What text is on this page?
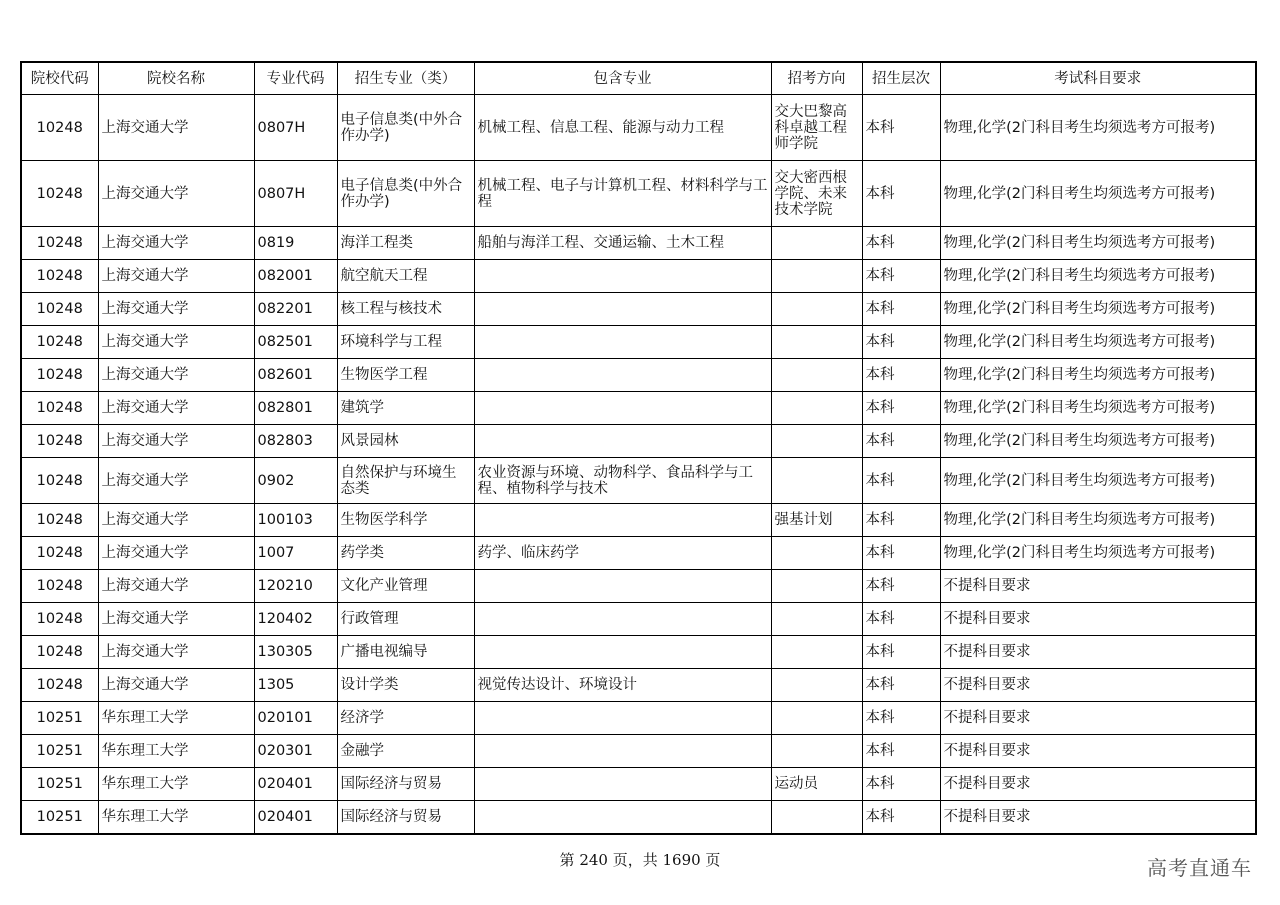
院校代码	院校名称	专业代码	招生专业（类）	包含专业	招考方向	招生层次	考试科目要求
10248	上海交通大学	0807H	电子信息类(中外合作办学)	机械工程、信息工程、能源与动力工程	交大巴黎高科卓越工程师学院	本科	物理,化学(2门科目考生均须选考方可报考)
10248	上海交通大学	0807H	电子信息类(中外合作办学)	机械工程、电子与计算机工程、材料科学与工程	交大密西根学院、未来技术学院	本科	物理,化学(2门科目考生均须选考方可报考)
10248	上海交通大学	0819	海洋工程类	船舶与海洋工程、交通运输、土木工程		本科	物理,化学(2门科目考生均须选考方可报考)
10248	上海交通大学	082001	航空航天工程			本科	物理,化学(2门科目考生均须选考方可报考)
10248	上海交通大学	082201	核工程与核技术			本科	物理,化学(2门科目考生均须选考方可报考)
10248	上海交通大学	082501	环境科学与工程			本科	物理,化学(2门科目考生均须选考方可报考)
10248	上海交通大学	082601	生物医学工程			本科	物理,化学(2门科目考生均须选考方可报考)
10248	上海交通大学	082801	建筑学			本科	物理,化学(2门科目考生均须选考方可报考)
10248	上海交通大学	082803	风景园林			本科	物理,化学(2门科目考生均须选考方可报考)
10248	上海交通大学	0902	自然保护与环境生态类	农业资源与环境、动物科学、食品科学与工程、植物科学与技术		本科	物理,化学(2门科目考生均须选考方可报考)
10248	上海交通大学	100103	生物医学科学		强基计划	本科	物理,化学(2门科目考生均须选考方可报考)
10248	上海交通大学	1007	药学类	药学、临床药学		本科	物理,化学(2门科目考生均须选考方可报考)
10248	上海交通大学	120210	文化产业管理			本科	不提科目要求
10248	上海交通大学	120402	行政管理			本科	不提科目要求
10248	上海交通大学	130305	广播电视编导			本科	不提科目要求
10248	上海交通大学	1305	设计学类	视觉传达设计、环境设计		本科	不提科目要求
10251	华东理工大学	020101	经济学			本科	不提科目要求
10251	华东理工大学	020301	金融学			本科	不提科目要求
10251	华东理工大学	020401	国际经济与贸易		运动员	本科	不提科目要求
10251	华东理工大学	020401	国际经济与贸易			本科	不提科目要求
第 240 页，共 1690 页	高考直通车
